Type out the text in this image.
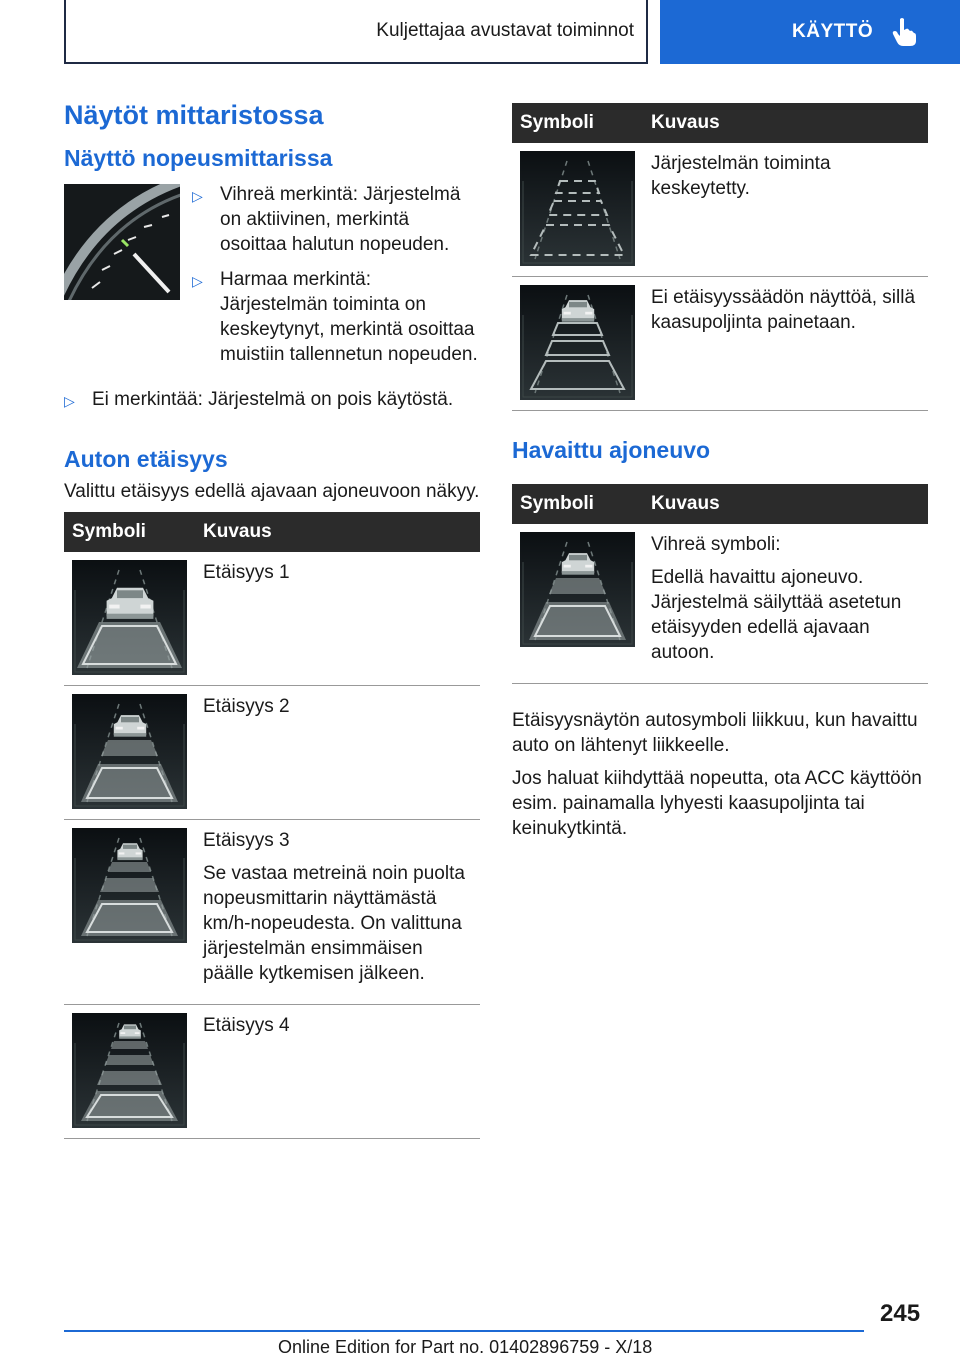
Kuljettajaa avustavat toiminnot	KÄYTTÖ
Näytöt mittaristossa
Näyttö nopeusmittarissa
▷ Vihreä merkintä: Järjestelmä on aktiivinen, merkintä osoittaa halutun nopeuden.
▷ Harmaa merkintä: Järjestelmän toiminta on keskeytynyt, merkintä osoittaa muistiin tallennetun nopeuden.
▷ Ei merkintää: Järjestelmä on pois käytöstä.
Auton etäisyys

Valittu etäisyys edellä ajavaan ajoneuvoon näkyy.

Symboli	Kuvaus

Etäisyys 1

Etäisyys 2

Etäisyys 3

Se vastaa metreinä noin puolta nopeusmittarin näyttämästä km/h-nopeudesta. On valittuna järjestelmän ensimmäisen päälle kytkemisen jälkeen.

Etäisyys 4

Symboli	Kuvaus

Järjestelmän toiminta keskeytetty.

Ei etäisyyssäädön näyttöä, sillä kaasupoljinta painetaan.

Havaittu ajoneuvo
Symboli	Kuvaus

Vihreä symboli:

Edellä havaittu ajoneuvo. Järjestelmä säilyttää asetetun etäisyyden edellä ajavaan autoon.

Etäisyysnäytön autosymboli liikkuu, kun havaittu auto on lähtenyt liikkeelle.

Jos haluat kiihdyttää nopeutta, ota ACC käyttöön esim. painamalla lyhyesti kaasupoljinta tai keinukytkintä.

245
Online Edition for Part no. 01402896759 - X/18
